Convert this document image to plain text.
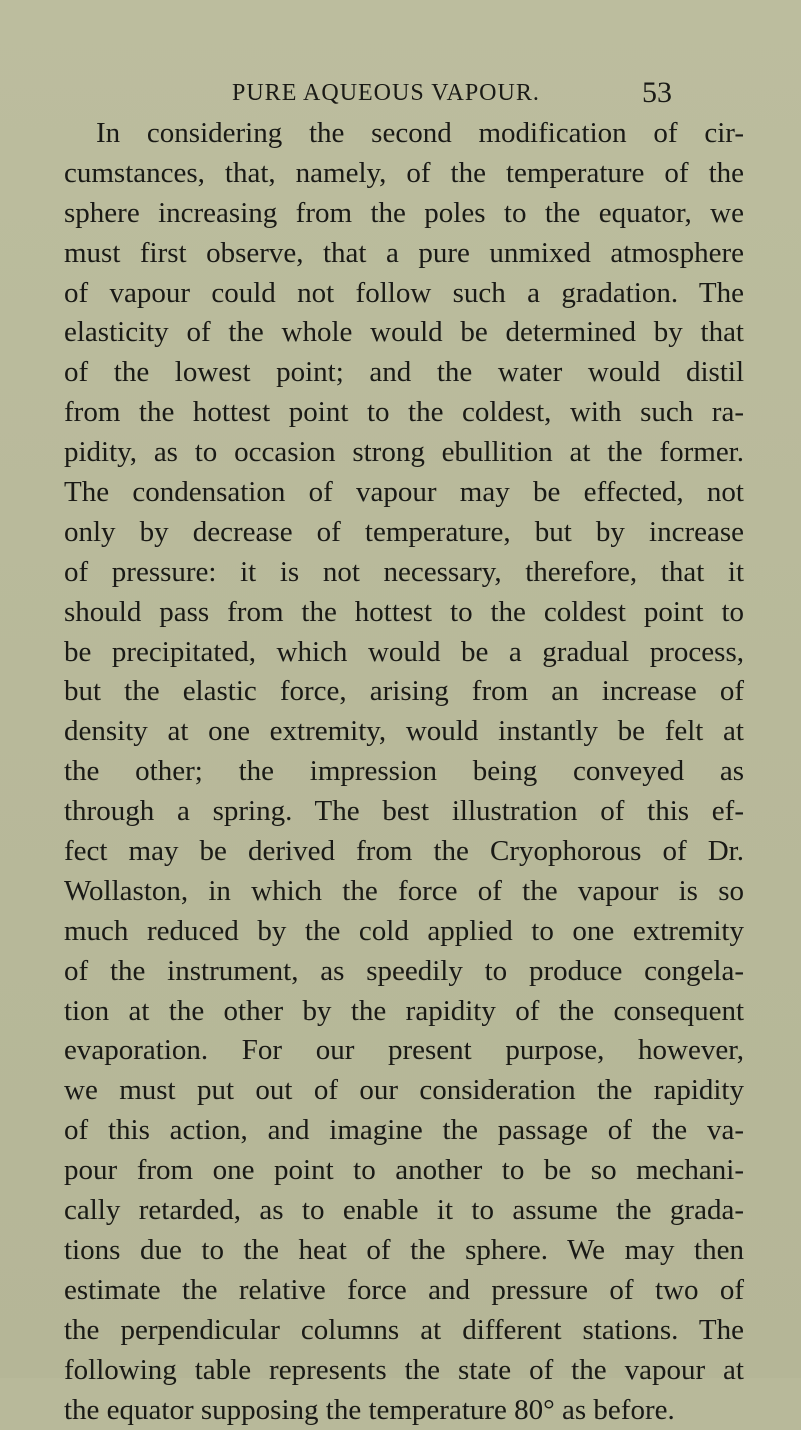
PURE AQUEOUS VAPOUR.	53
In considering the second modification of cir-
cumstances, that, namely, of the temperature of the
sphere increasing from the poles to the equator, we
must first observe, that a pure unmixed atmosphere
of vapour could not follow such a gradation. The
elasticity of the whole would be determined by that
of the lowest point; and the water would distil
from the hottest point to the coldest, with such ra-
pidity, as to occasion strong ebullition at the former.
The condensation of vapour may be effected, not
only by decrease of temperature, but by increase
of pressure: it is not necessary, therefore, that it
should pass from the hottest to the coldest point to
be precipitated, which would be a gradual process,
but the elastic force, arising from an increase of
density at one extremity, would instantly be felt at
the other; the impression being conveyed as
through a spring. The best illustration of this ef-
fect may be derived from the Cryophorous of Dr.
Wollaston, in which the force of the vapour is so
much reduced by the cold applied to one extremity
of the instrument, as speedily to produce congela-
tion at the other by the rapidity of the consequent
evaporation. For our present purpose, however,
we must put out of our consideration the rapidity
of this action, and imagine the passage of the va-
pour from one point to another to be so mechani-
cally retarded, as to enable it to assume the grada-
tions due to the heat of the sphere. We may then
estimate the relative force and pressure of two of
the perpendicular columns at different stations. The
following table represents the state of the vapour at
the equator supposing the temperature 80° as before.
